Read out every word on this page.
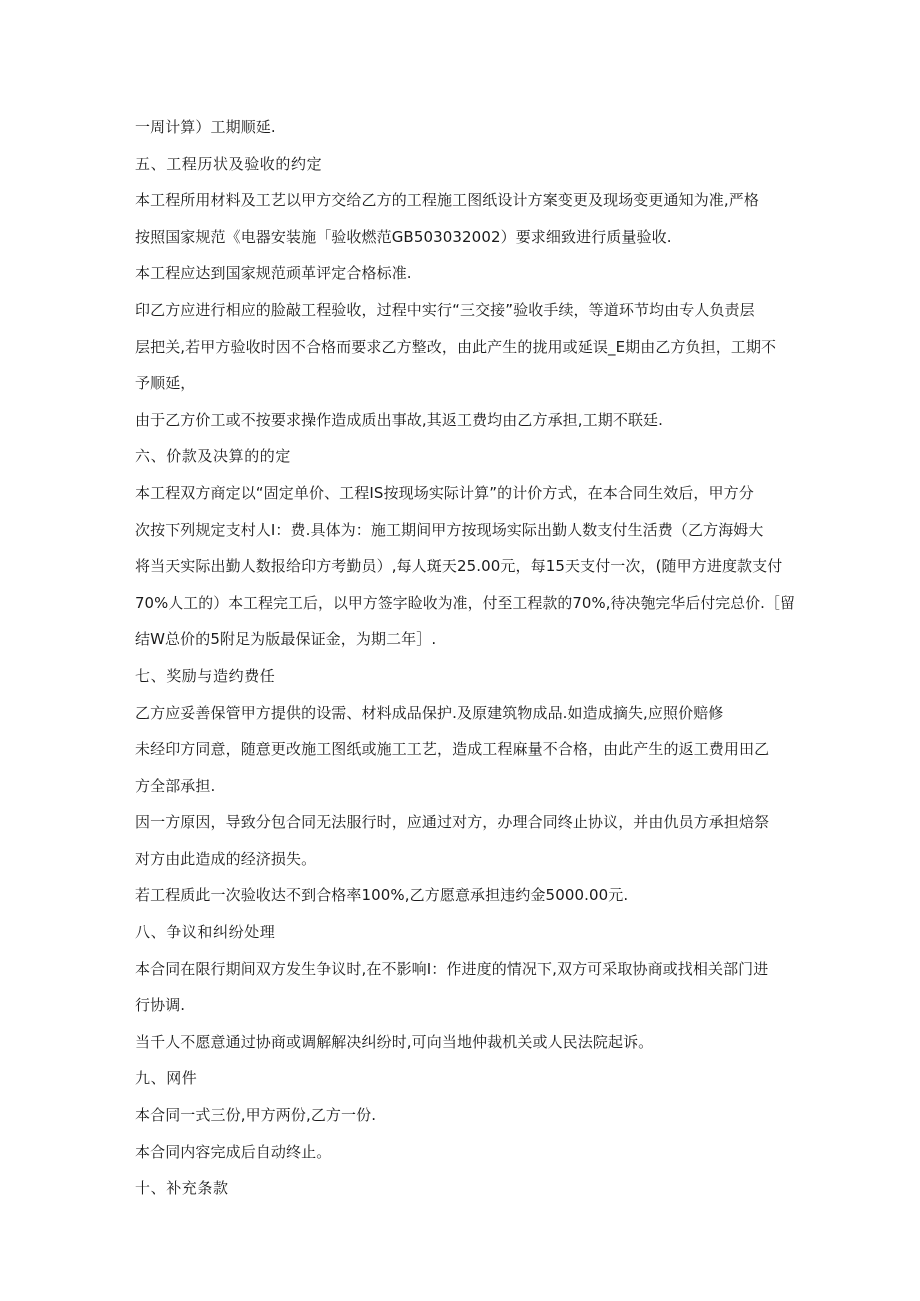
一周计算）工期顺延.
五、工程历状及验收的约定
本工程所用材料及工艺以甲方交给乙方的工程施工图纸设计方案变更及现场变更通知为准,严格
按照国家规范《电器安装施「验收燃范GB503032002）要求细致进行质量验收.
本工程应达到国家规范顽革评定合格标准.
印乙方应进行相应的脸敲工程验收，过程中实行“三交接”验收手续，等道环节均由专人负责层
层把关,若甲方验收时因不合格而要求乙方整改，由此产生的拢用或延误_E期由乙方负担，工期不
予顺延，
由于乙方价工或不按要求操作造成质出事故,其返工费均由乙方承担,工期不联廷.
六、价款及决算的的定
本工程双方商定以“固定单价、工程IS按现场实际计算”的计价方式，在本合同生效后，甲方分
次按下列规定支村人I：费.具体为：施工期间甲方按现场实际出勤人数支付生活费（乙方海姆大
将当天实际出勤人数报给印方考勤员）,每人斑天25.00元，每15天支付一次，(随甲方进度款支付
70%人工的）本工程完工后，以甲方签字睑收为准，付至工程款的70%,待决匏完华后付完总价.［留
结W总价的5附足为版最保证金，为期二年］.
七、奖励与造约费任
乙方应妥善保管甲方提供的设需、材料成品保护.及原建筑物成品.如造成摘失,应照价赔修
未经印方同意，随意更改施工图纸或施工工艺，造成工程麻量不合格，由此产生的返工费用田乙
方全部承担.
因一方原因，导致分包合同无法服行时，应通过对方，办理合同终止协议，并由仇员方承担焙祭
对方由此造成的经济损失。
若工程质此一次验收达不到合格率100%,乙方愿意承担违约金5000.00元.
八、争议和纠纷处理
本合同在限行期间双方发生争议时,在不影响I：作进度的情况下,双方可采取协商或找相关部门进
行协调.
当千人不愿意通过协商或调解解决纠纷时,可向当地仲裁机关或人民法院起诉。
九、网件
本合同一式三份,甲方两份,乙方一份.
本合同内容完成后自动终止。
十、补充条款
